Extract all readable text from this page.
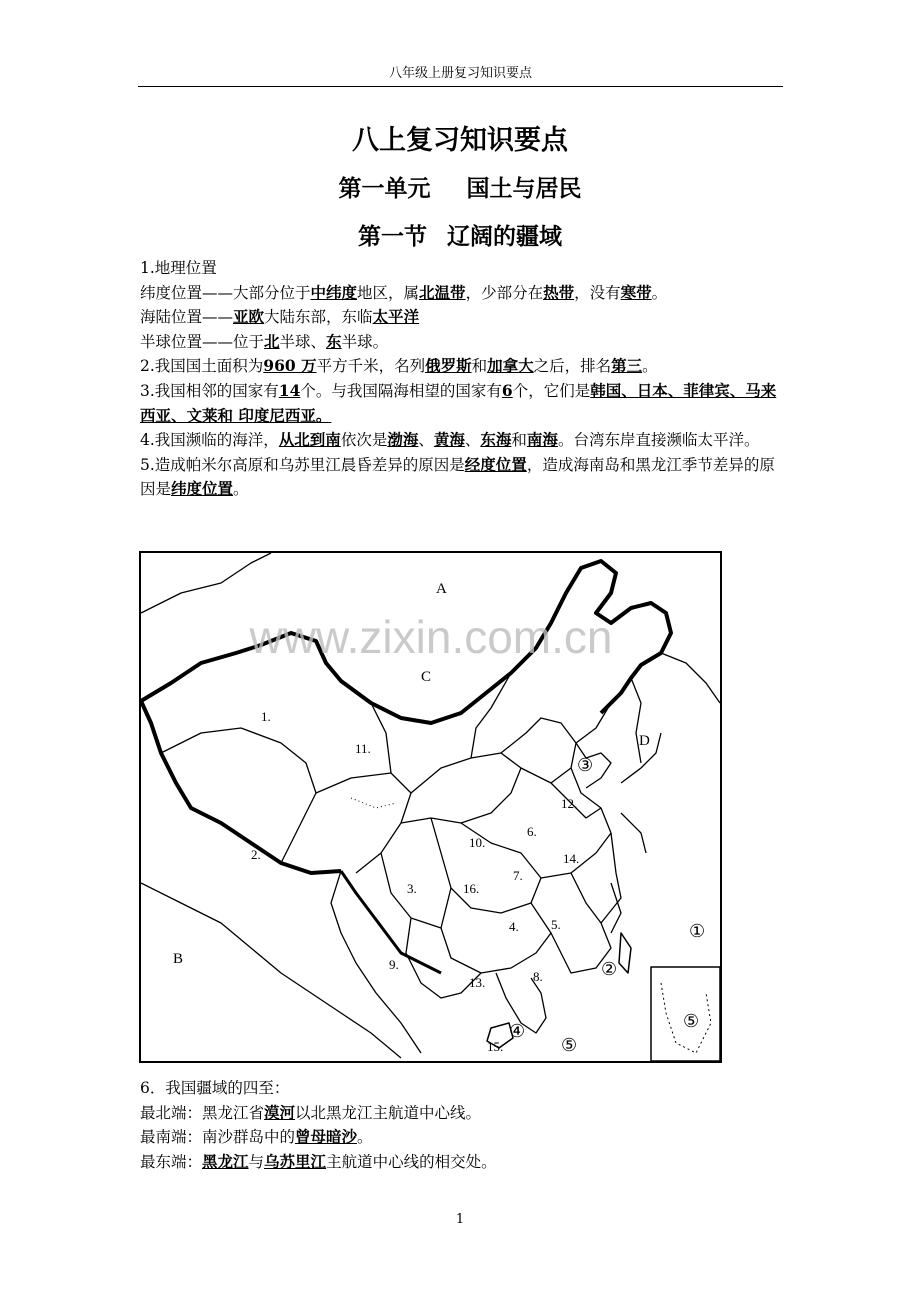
八年级上册复习知识要点
八上复习知识要点
第一单元 国土与居民
第一节 辽阔的疆域

1.地理位置

纬度位置——大部分位于中纬度地区，属北温带，少部分在热带，没有寒带。

海陆位置——亚欧大陆东部，东临太平洋

半球位置——位于北半球、东半球。

2.我国国土面积为960 万平方千米，名列俄罗斯和加拿大之后，排名第三。

3.我国相邻的国家有14个。与我国隔海相望的国家有6个，它们是韩国、日本、菲律宾、马来西亚、文莱和 印度尼西亚。

4.我国濒临的海洋，从北到南依次是渤海、黄海、东海和南海。台湾东岸直接濒临太平洋。

5.造成帕米尔高原和乌苏里江晨昏差异的原因是经度位置，造成海南岛和黑龙江季节差异的原因是纬度位置。

www.zixin.com.cn
A
B
C
D
1.
2.
3.
4. 5.
6.
7.
8.
9.
10.
11.
12.
13.
14.
15.
16.
①
②
③
④
⑤
⑤

6．我国疆域的四至：

最北端：黑龙江省漠河以北黑龙江主航道中心线。

最南端：南沙群岛中的曾母暗沙。

最东端：黑龙江与乌苏里江主航道中心线的相交处。

1
